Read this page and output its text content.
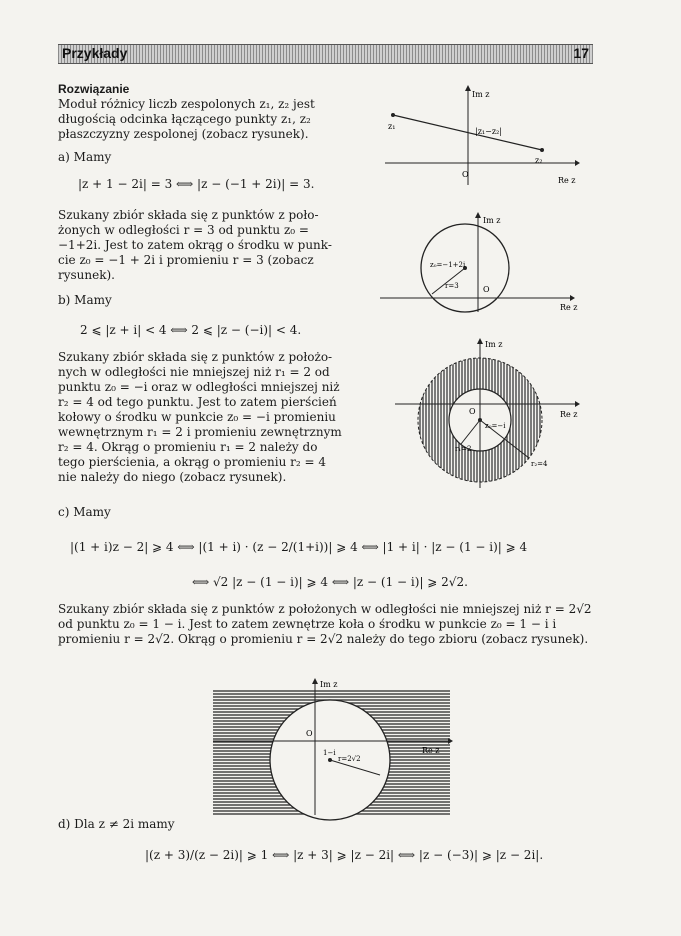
Przykłady	17
Rozwiązanie
Moduł różnicy liczb zespolonych z₁, z₂ jest
długością odcinka łączącego punkty z₁, z₂
płaszczyzny zespolonej (zobacz rysunek).
a) Mamy
|z + 1 − 2i| = 3 ⟺ |z − (−1 + 2i)| = 3.
Szukany zbiór składa się z punktów z poło-
żonych w odległości r = 3 od punktu z₀ =
−1+2i. Jest to zatem okrąg o środku w punk-
cie z₀ = −1 + 2i i promieniu r = 3 (zobacz
rysunek).
b) Mamy
2 ⩽ |z + i| < 4 ⟺ 2 ⩽ |z − (−i)| < 4.
Szukany zbiór składa się z punktów z położo-
nych w odległości nie mniejszej niż r₁ = 2 od
punktu z₀ = −i oraz w odległości mniejszej niż
r₂ = 4 od tego punktu. Jest to zatem pierścień
kołowy o środku w punkcie z₀ = −i promieniu
wewnętrznym r₁ = 2 i promieniu zewnętrznym
r₂ = 4. Okrąg o promieniu r₁ = 2 należy do
tego pierścienia, a okrąg o promieniu r₂ = 4
nie należy do niego (zobacz rysunek).
c) Mamy
|(1 + i)z − 2| ⩾ 4 ⟺ |(1 + i) · (z − 2/(1+i))| ⩾ 4 ⟺ |1 + i| · |z − (1 − i)| ⩾ 4
⟺ √2 |z − (1 − i)| ⩾ 4 ⟺ |z − (1 − i)| ⩾ 2√2.
Szukany zbiór składa się z punktów z położonych w odległości nie mniejszej niż r = 2√2
od punktu z₀ = 1 − i. Jest to zatem zewnętrze koła o środku w punkcie z₀ = 1 − i i
promieniu r = 2√2. Okrąg o promieniu r = 2√2 należy do tego zbioru (zobacz rysunek).
d) Dla z ≠ 2i mamy
|(z + 3)/(z − 2i)| ⩾ 1 ⟺ |z + 3| ⩾ |z − 2i| ⟺ |z − (−3)| ⩾ |z − 2i|.
Im z
Re z
z₁
z₂
|z₁−z₂|
O
Im z
Re z
z₀=−1+2i
r=3	O
Im z
Re z
z₀=−i
r₁=2
r₂=4
O
Im z
Re z
1−i
r=2√2
O
